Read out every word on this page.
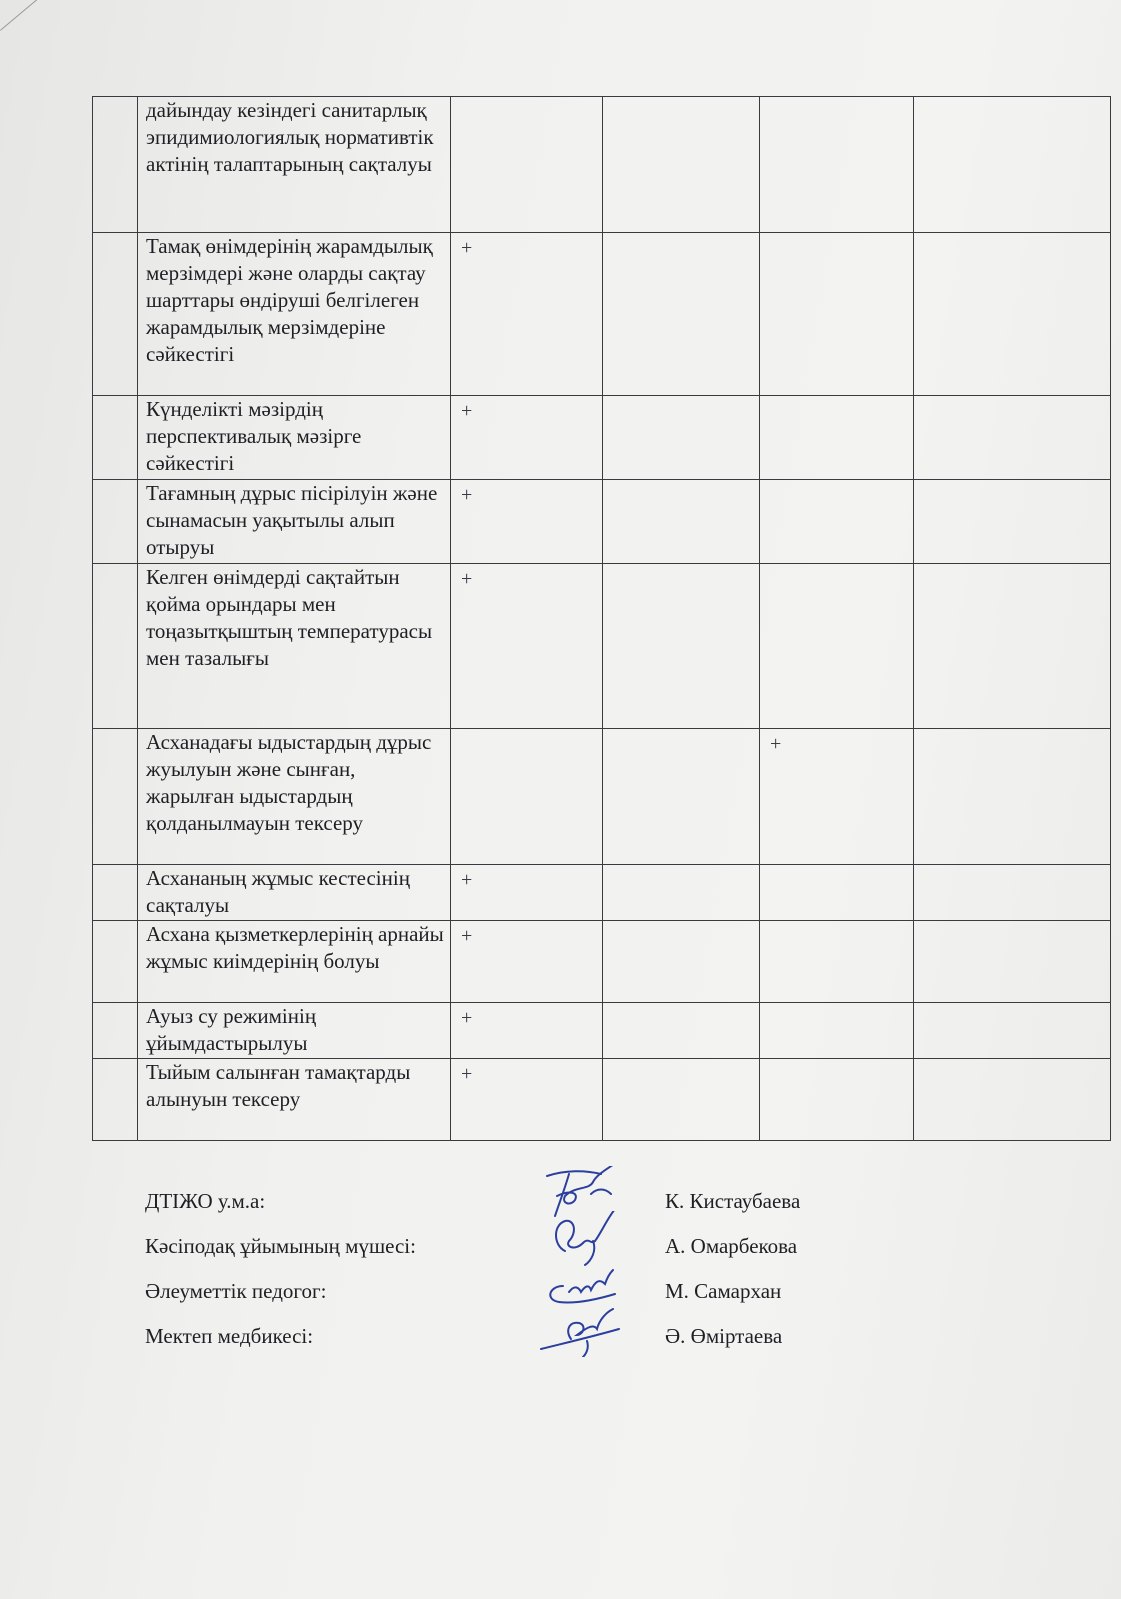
	дайындау кезіндегі санитарлық эпидимиологиялық нормативтік актінің талаптарының сақталуы				
	Тамақ өнімдерінің жарамдылық мерзімдері және оларды сақтау шарттары өндіруші белгілеген жарамдылық мерзімдеріне сәйкестігі	+			
	Күнделікті мәзірдің перспективалық мәзірге сәйкестігі	+			
	Тағамның дұрыс пісірілуін және сынамасын уақытылы алып отыруы	+			
	Келген өнімдерді сақтайтын қойма орындары мен тоңазытқыштың температурасы мен тазалығы	+			
	Асханадағы ыдыстардың дұрыс жуылуын және сынған, жарылған ыдыстардың қолданылмауын тексеру			+	
	Асхананың жұмыс кестесінің сақталуы	+			
	Асхана қызметкерлерінің арнайы жұмыс киімдерінің болуы	+			
	Ауыз су режимінің ұйымдастырылуы	+			
	Тыйым салынған тамақтарды алынуын тексеру	+			
ДТІЖО у.м.а:	К. Кистаубаева
Кәсіподақ ұйымының мүшесі:	А. Омарбекова
Әлеуметтік педогог:	М. Самархан
Мектеп медбикесі:	Ә. Өміртаева
